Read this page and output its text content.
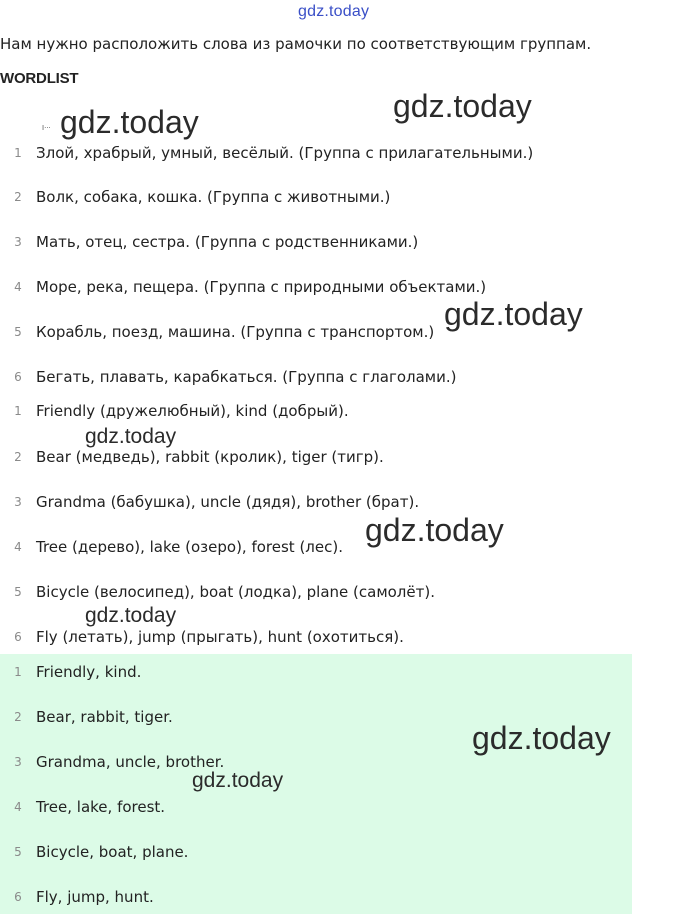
gdz.today
Нам нужно расположить слова из рамочки по соответствующим группам.
WORDLIST
І···
1 Злой, храбрый, умный, весёлый. (Группа с прилагательными.)
2 Волк, собака, кошка. (Группа с животными.)
3 Мать, отец, сестра. (Группа с родственниками.)
4 Море, река, пещера. (Группа с природными объектами.)
5 Корабль, поезд, машина. (Группа с транспортом.)
6 Бегать, плавать, карабкаться. (Группа с глаголами.)
1 Friendly (дружелюбный), kind (добрый).
2 Bear (медведь), rabbit (кролик), tiger (тигр).
3 Grandma (бабушка), uncle (дядя), brother (брат).
4 Tree (дерево), lake (озеро), forest (лес).
5 Bicycle (велосипед), boat (лодка), plane (самолёт).
6 Fly (летать), jump (прыгать), hunt (охотиться).
1 Friendly, kind.
2 Bear, rabbit, tiger.
3 Grandma, uncle, brother.
4 Tree, lake, forest.
5 Bicycle, boat, plane.
6 Fly, jump, hunt.
gdz.today	gdz.today
gdz.today
gdz.today
gdz.today
gdz.today
gdz.today
gdz.today
